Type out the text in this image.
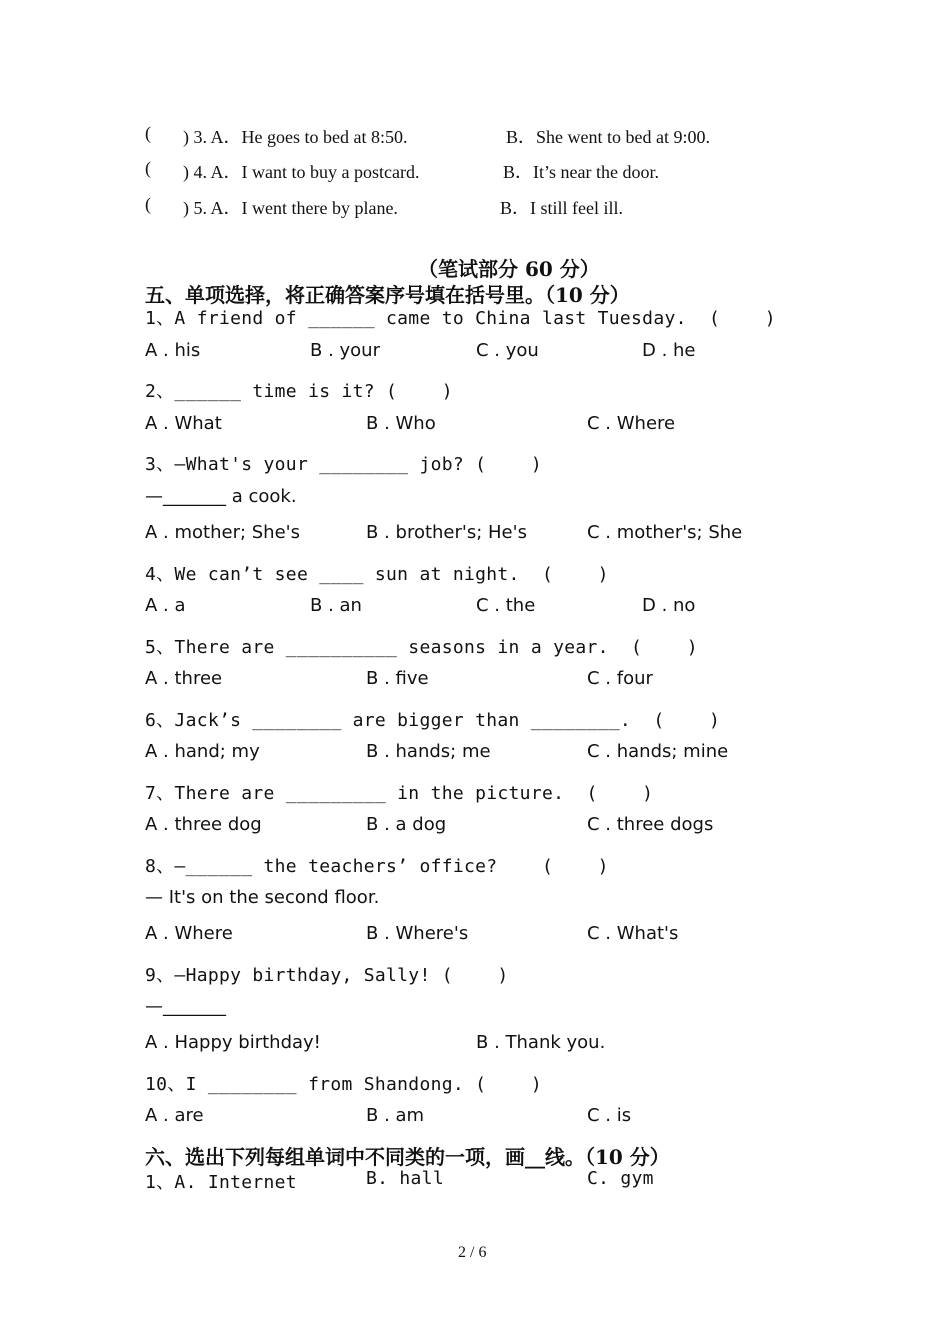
( ) 3. A．He goes to bed at 8:50.	B．She went to bed at 9:00.
( ) 4. A．I want to buy a postcard.	B．It’s near the door.
( ) 5. A．I went there by plane.	B．I still feel ill.
（笔试部分 60 分）
五、单项选择，将正确答案序号填在括号里。（10 分）
1、A friend of ______ came to China last Tuesday.  (    )
A . his	B . your	C . you	D . he
2、______ time is it? (    )
A . What	B . Who	C . Where
3、—What's your ________ job? (    )
—_______ a cook.
A . mother; She's	B . brother's; He's	C . mother's; She
4、We can’t see ____ sun at night.  (    )
A . a	B . an	C . the	D . no
5、There are __________ seasons in a year.  (    )
A . three	B . five	C . four
6、Jack’s ________ are bigger than ________.  (    )
A . hand; my	B . hands; me	C . hands; mine
7、There are _________ in the picture.  (    )
A . three dog	B . a dog	C . three dogs
8、—______ the teachers’ office?    (    )
— It's on the second floor.
A . Where	B . Where's	C . What's
9、—Happy birthday, Sally! (    )
—_______
A . Happy birthday!	B . Thank you.
10、I ________ from Shandong. (    )
A . are	B . am	C . is
六、选出下列每组单词中不同类的一项，画__线。（10 分）
1、A. Internet	B. hall	C. gym
2 / 6
